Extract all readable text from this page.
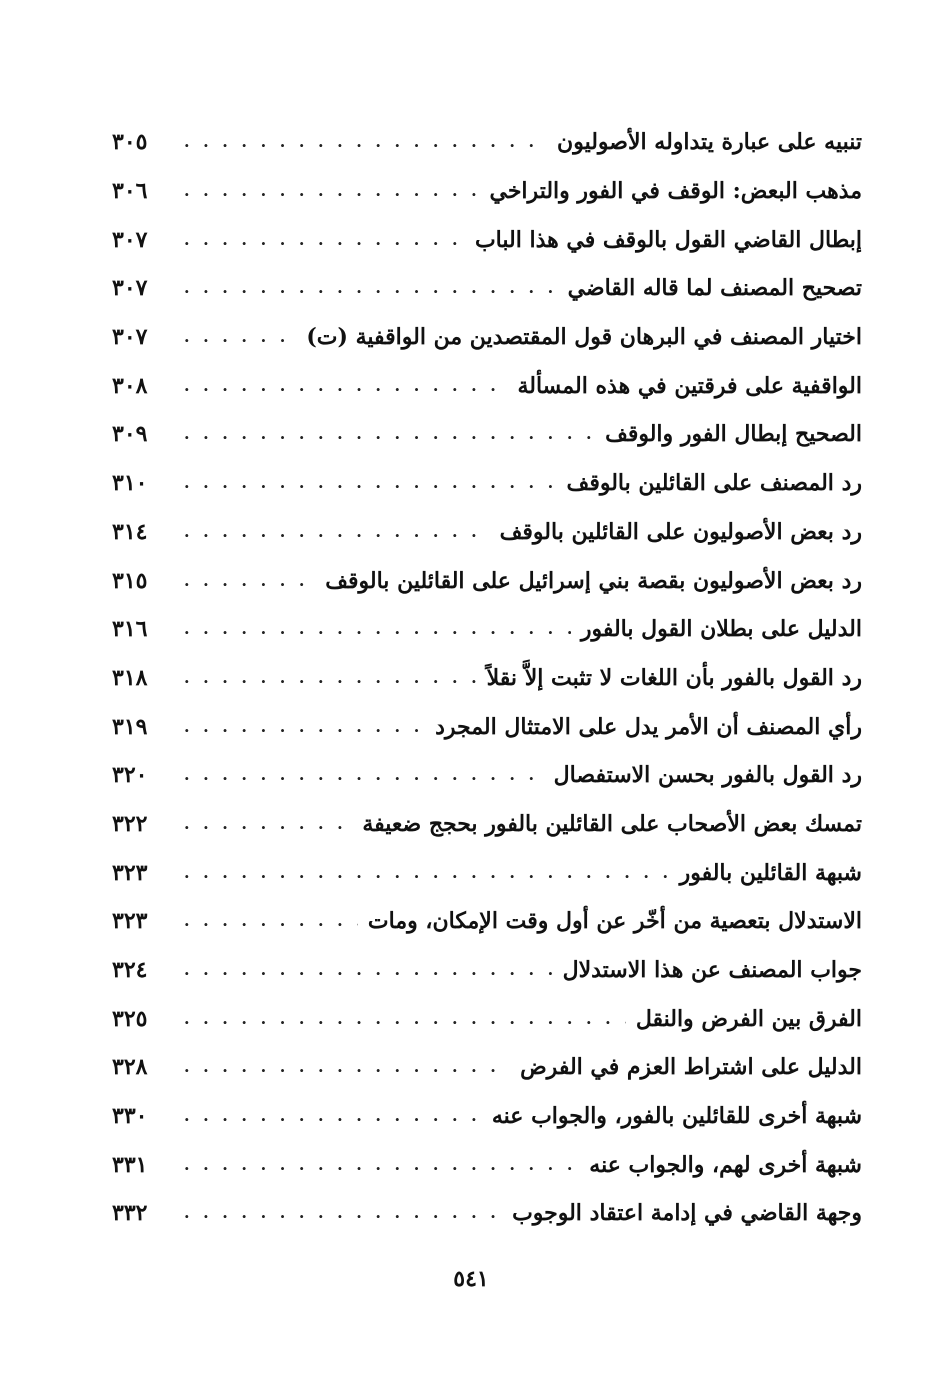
تنبيه على عبارة يتداوله الأصوليون
. . .
٣٠٥
مذهب البعض: الوقف في الفور والتراخي
. . .
٣٠٦
إبطال القاضي القول بالوقف في هذا الباب
. . .
٣٠٧
تصحيح المصنف لما قاله القاضي
. . .
٣٠٧
اختيار المصنف في البرهان قول المقتصدين من الواقفية (ت)
. . .
٣٠٧
الواقفية على فرقتين في هذه المسألة
. . .
٣٠٨
الصحيح إبطال الفور والوقف
. . .
٣٠٩
رد المصنف على القائلين بالوقف
. . .
٣١٠
رد بعض الأصوليون على القائلين بالوقف
. . .
٣١٤
رد بعض الأصوليون بقصة بني إسرائيل على القائلين بالوقف
. . .
٣١٥
الدليل على بطلان القول بالفور
. . .
٣١٦
رد القول بالفور بأن اللغات لا تثبت إلاَّ نقلاً
. . .
٣١٨
رأي المصنف أن الأمر يدل على الامتثال المجرد
. . .
٣١٩
رد القول بالفور بحسن الاستفصال
. . .
٣٢٠
تمسك بعض الأصحاب على القائلين بالفور بحجج ضعيفة
. . .
٣٢٢
شبهة القائلين بالفور
. . .
٣٢٣
الاستدلال بتعصية من أخّر عن أول وقت الإمكان، ومات
. . .
٣٢٣
جواب المصنف عن هذا الاستدلال
. . .
٣٢٤
الفرق بين الفرض والنقل
. . .
٣٢٥
الدليل على اشتراط العزم في الفرض
. . .
٣٢٨
شبهة أخرى للقائلين بالفور، والجواب عنه
. . .
٣٣٠
شبهة أخرى لهم، والجواب عنه
. . .
٣٣١
وجهة القاضي في إدامة اعتقاد الوجوب
. . .
٣٣٢
٥٤١
